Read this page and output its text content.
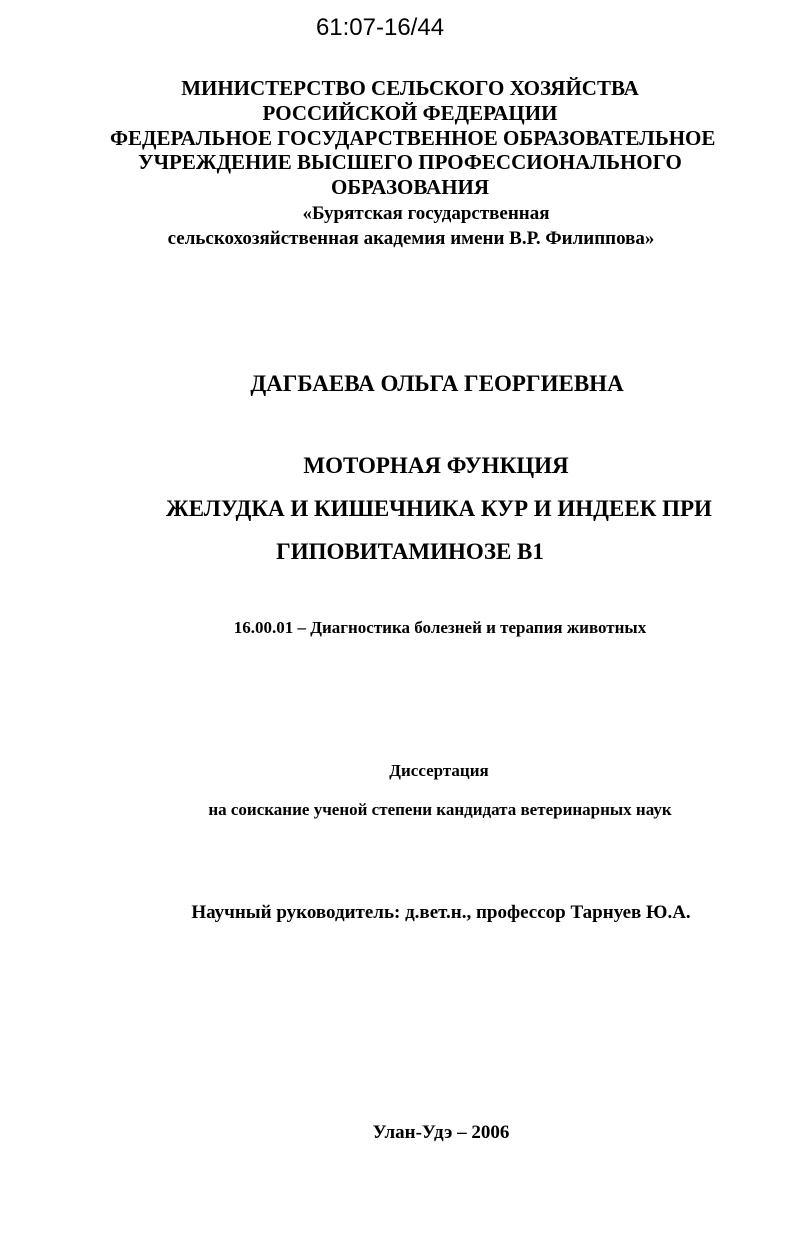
61:07-16/44
МИНИСТЕРСТВО СЕЛЬСКОГО ХОЗЯЙСТВА
РОССИЙСКОЙ ФЕДЕРАЦИИ
ФЕДЕРАЛЬНОЕ ГОСУДАРСТВЕННОЕ ОБРАЗОВАТЕЛЬНОЕ
УЧРЕЖДЕНИЕ ВЫСШЕГО ПРОФЕССИОНАЛЬНОГО
ОБРАЗОВАНИЯ
«Бурятская государственная
сельскохозяйственная академия имени В.Р. Филиппова»
ДАГБАЕВА ОЛЬГА ГЕОРГИЕВНА
МОТОРНАЯ ФУНКЦИЯ
ЖЕЛУДКА И КИШЕЧНИКА КУР И ИНДЕЕК ПРИ
ГИПОВИТАМИНОЗЕ В1
16.00.01 – Диагностика болезней и терапия животных
Диссертация
на соискание ученой степени кандидата ветеринарных наук
Научный руководитель: д.вет.н., профессор Тарнуев Ю.А.
Улан-Удэ – 2006
